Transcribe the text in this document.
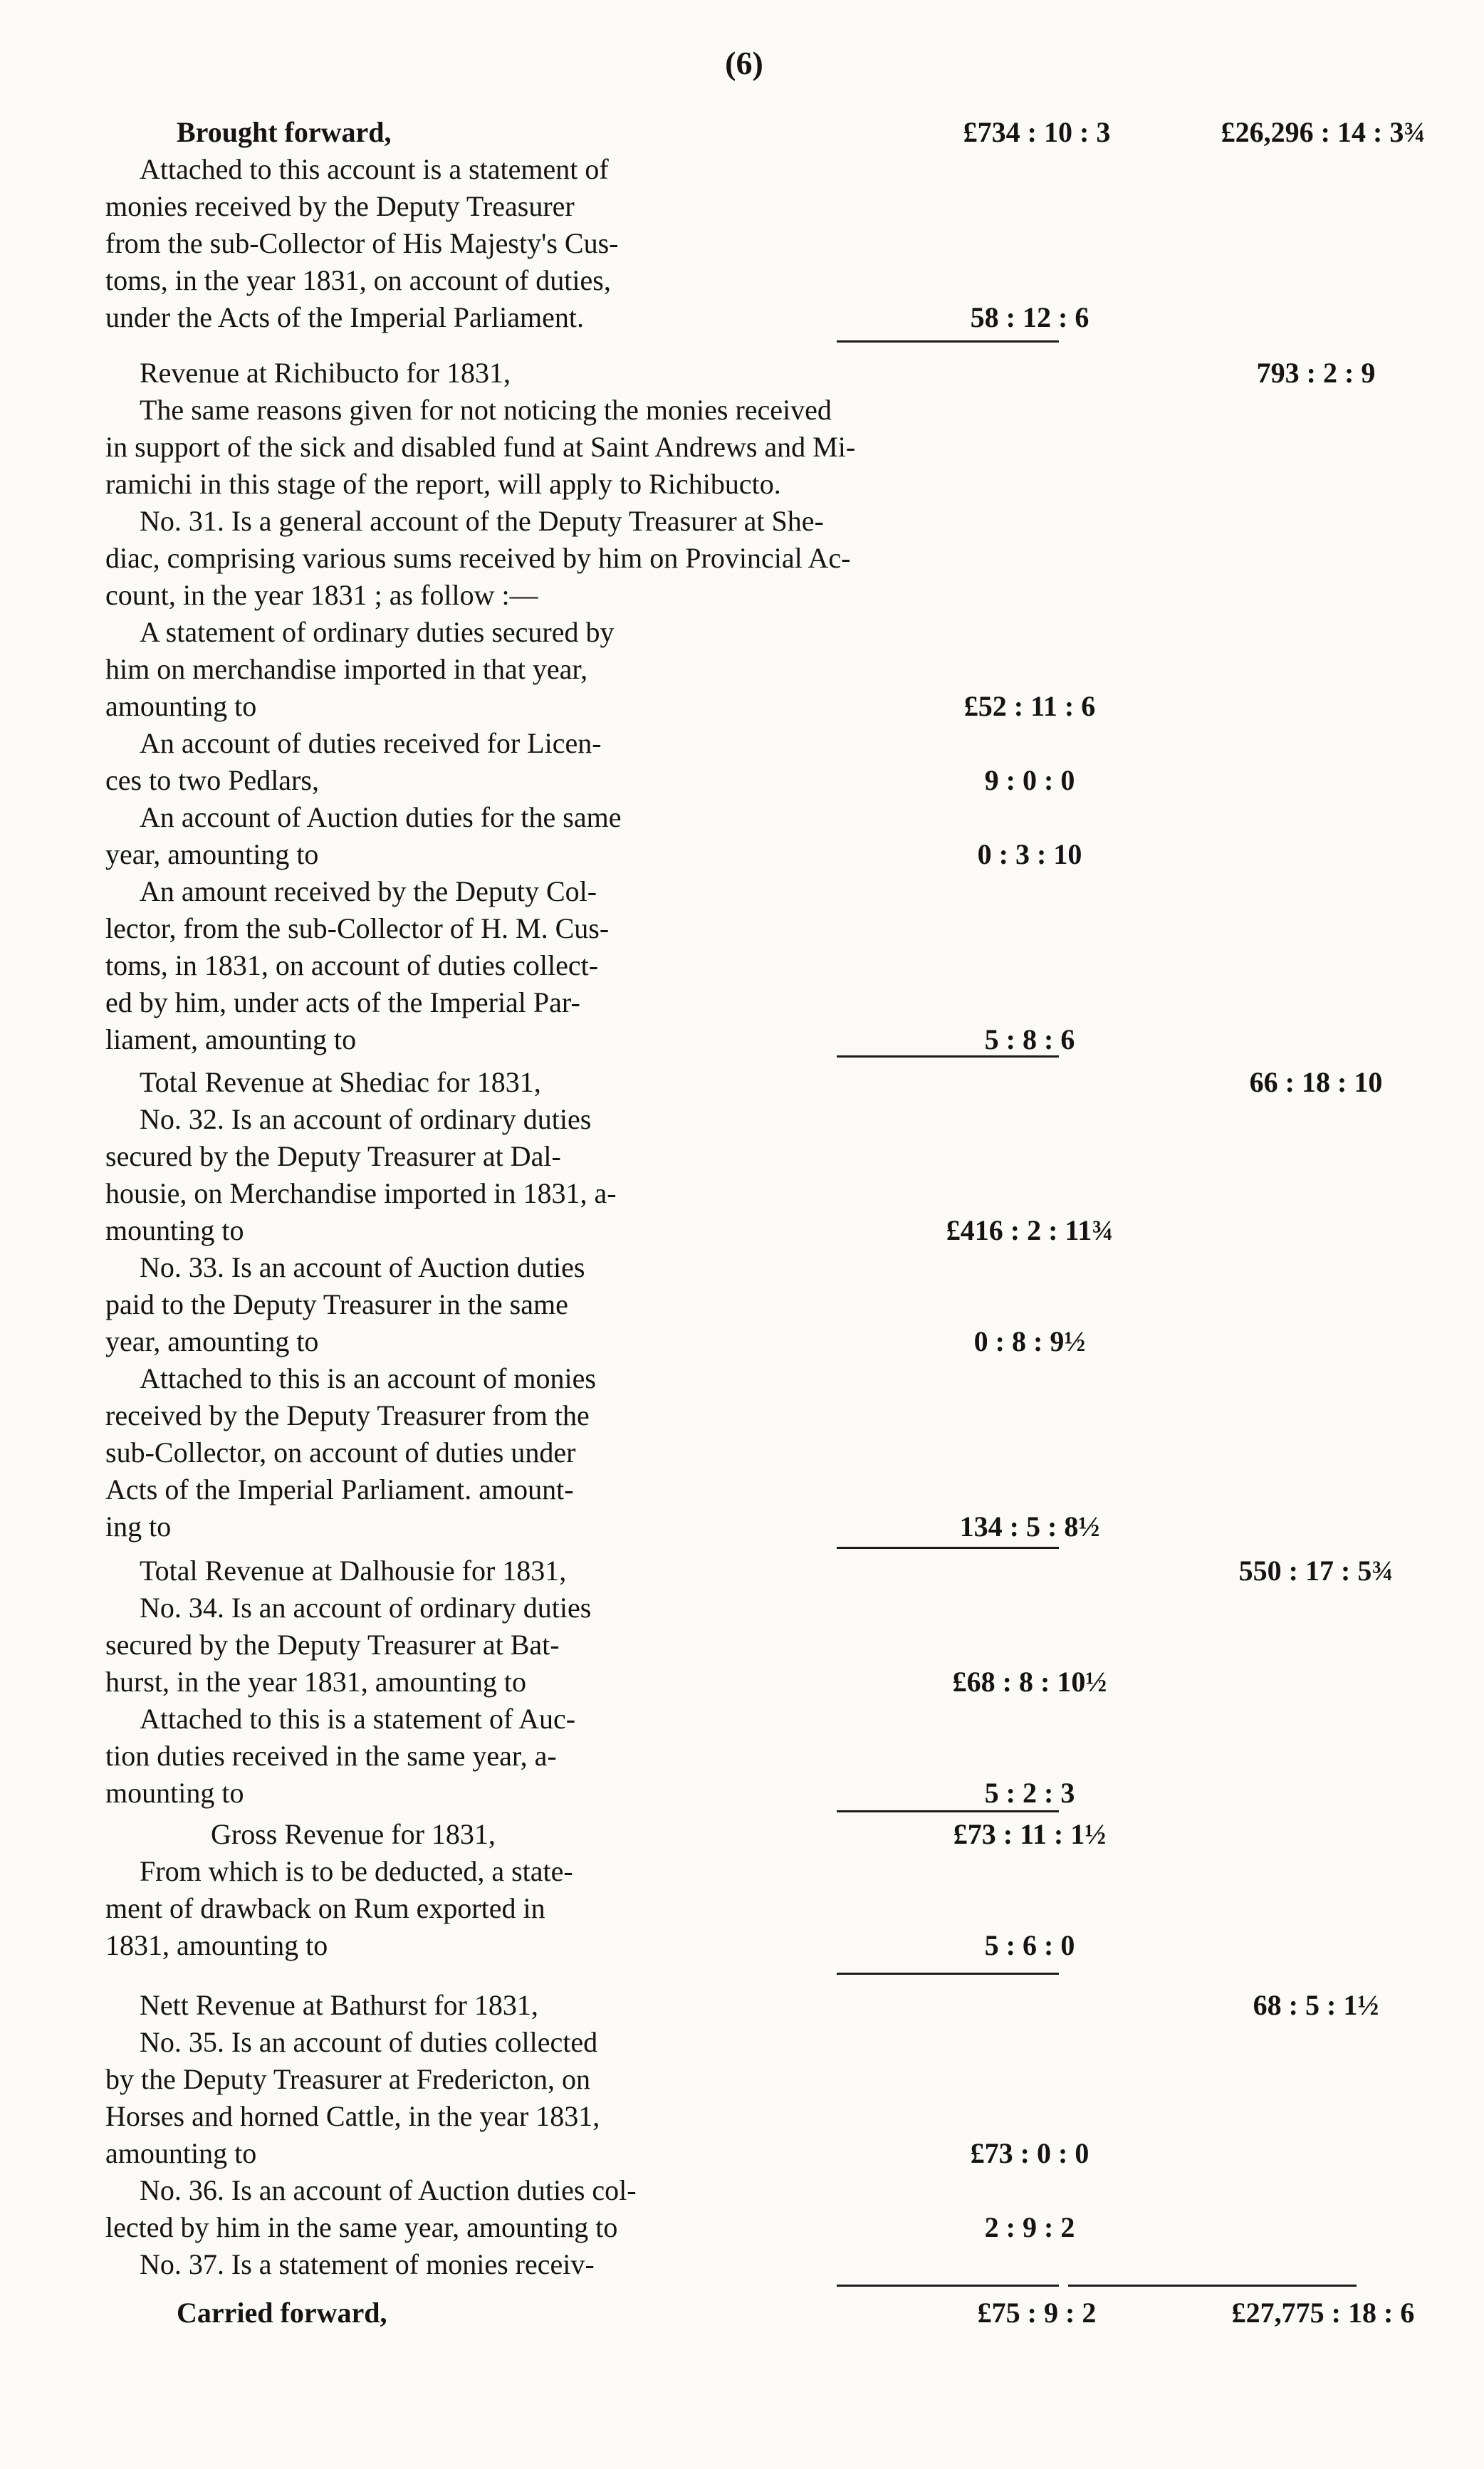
(6)
Brought forward,	£734 : 10 : 3	£26,296 : 14 : 3¾
Attached to this account is a statement of
monies received by the Deputy Treasurer
from the sub-Collector of His Majesty's Cus-
toms, in the year 1831, on account of duties,
under the Acts of the Imperial Parliament.	58 : 12 : 6
Revenue at Richibucto for 1831,	793 : 2 : 9
The same reasons given for not noticing the monies received
in support of the sick and disabled fund at Saint Andrews and Mi-
ramichi in this stage of the report, will apply to Richibucto.
No. 31. Is a general account of the Deputy Treasurer at She-
diac, comprising various sums received by him on Provincial Ac-
count, in the year 1831 ; as follow :—
A statement of ordinary duties secured by
him on merchandise imported in that year,
amounting to	£52 : 11 : 6
An account of duties received for Licen-
ces to two Pedlars,	9 : 0 : 0
An account of Auction duties for the same
year, amounting to	0 : 3 : 10
An amount received by the Deputy Col-
lector, from the sub-Collector of H. M. Cus-
toms, in 1831, on account of duties collect-
ed by him, under acts of the Imperial Par-
liament, amounting to	5 : 8 : 6
Total Revenue at Shediac for 1831,	66 : 18 : 10
No. 32. Is an account of ordinary duties
secured by the Deputy Treasurer at Dal-
housie, on Merchandise imported in 1831, a-
mounting to	£416 : 2 : 11¾
No. 33. Is an account of Auction duties
paid to the Deputy Treasurer in the same
year, amounting to	0 : 8 : 9½
Attached to this is an account of monies
received by the Deputy Treasurer from the
sub-Collector, on account of duties under
Acts of the Imperial Parliament. amount-
ing to	134 : 5 : 8½
Total Revenue at Dalhousie for 1831,	550 : 17 : 5¾
No. 34. Is an account of ordinary duties
secured by the Deputy Treasurer at Bat-
hurst, in the year 1831, amounting to	£68 : 8 : 10½
Attached to this is a statement of Auc-
tion duties received in the same year, a-
mounting to	5 : 2 : 3
Gross Revenue for 1831,	£73 : 11 : 1½
From which is to be deducted, a state-
ment of drawback on Rum exported in
1831, amounting to	5 : 6 : 0
Nett Revenue at Bathurst for 1831,	68 : 5 : 1½
No. 35. Is an account of duties collected
by the Deputy Treasurer at Fredericton, on
Horses and horned Cattle, in the year 1831,
amounting to	£73 : 0 : 0
No. 36. Is an account of Auction duties col-
lected by him in the same year, amounting to	2 : 9 : 2
No. 37. Is a statement of monies receiv-
Carried forward,	£75 : 9 : 2	£27,775 : 18 : 6
